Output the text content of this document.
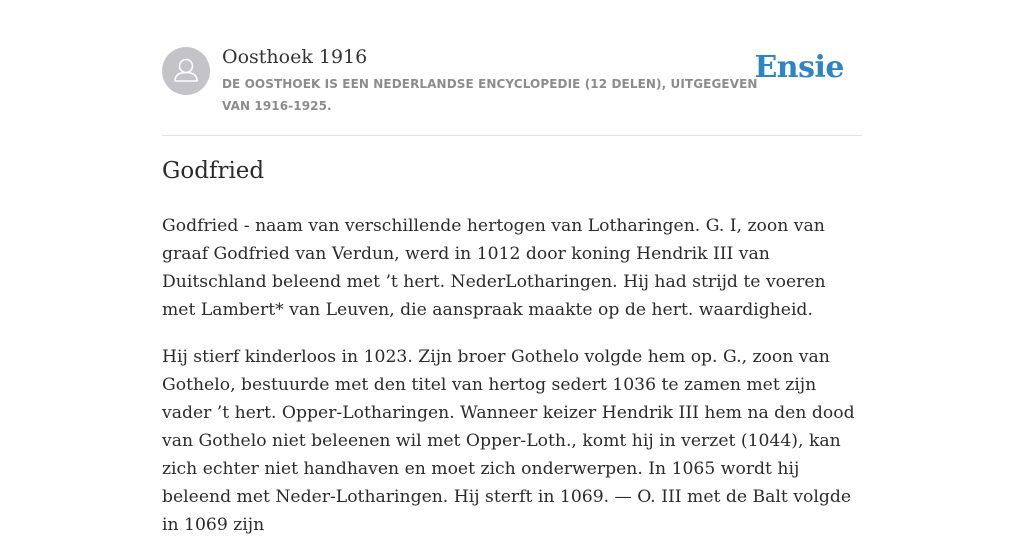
Oosthoek 1916
DE OOSTHOEK IS EEN NEDERLANDSE ENCYCLOPEDIE (12 DELEN), UITGEGEVEN VAN 1916-1925.
Ensie
Godfried

Godfried - naam van verschillende hertogen van Lotharingen. G. I, zoon van graaf Godfried van Verdun, werd in 1012 door koning Hendrik III van Duitschland beleend met ’t hert. NederLotharingen. Hij had strijd te voeren met Lambert* van Leuven, die aanspraak maakte op de hert. waardigheid.

Hij stierf kinderloos in 1023. Zijn broer Gothelo volgde hem op. G., zoon van Gothelo, bestuurde met den titel van hertog sedert 1036 te zamen met zijn vader ’t hert. Opper-Lotharingen. Wanneer keizer Hendrik III hem na den dood van Gothelo niet beleenen wil met Opper-Loth., komt hij in verzet (1044), kan zich echter niet handhaven en moet zich onderwerpen. In 1065 wordt hij beleend met Neder-Lotharingen. Hij sterft in 1069. — O. III met de Balt volgde in 1069 zijn
